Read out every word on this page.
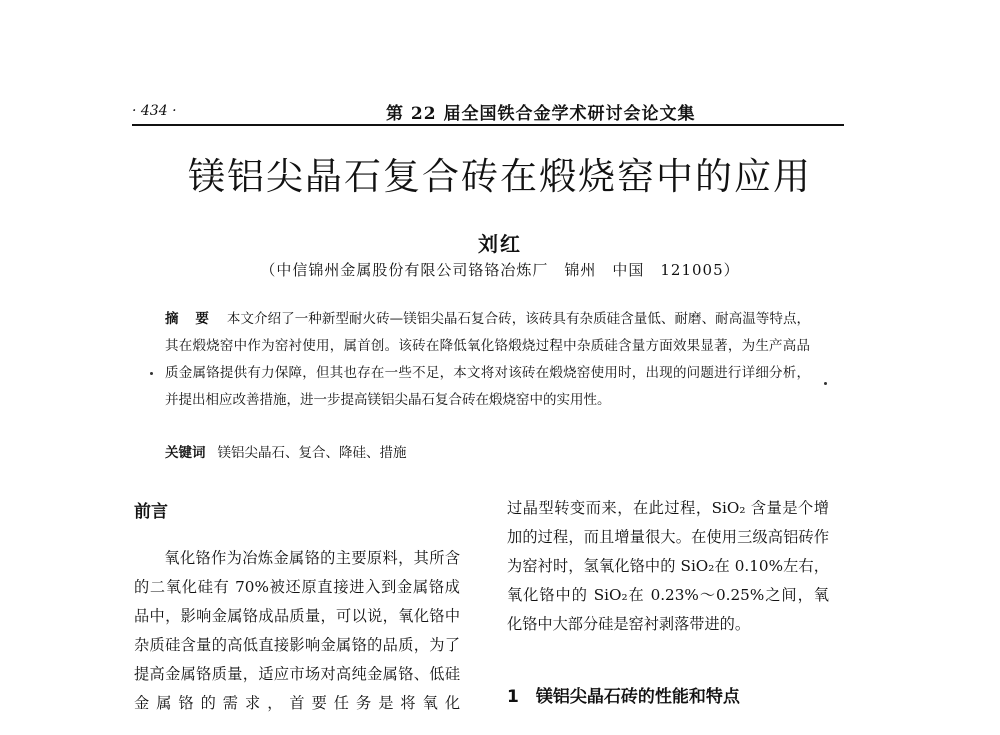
· 434 ·	第 22 届全国铁合金学术研讨会论文集
镁铝尖晶石复合砖在煅烧窑中的应用
刘红
（中信锦州金属股份有限公司铬铬冶炼厂　锦州　中国　121005）
摘 要 本文介绍了一种新型耐火砖—镁铝尖晶石复合砖，该砖具有杂质硅含量低、耐磨、耐高温等特点，其在煅烧窑中作为窑衬使用，属首创。该砖在降低氧化铬煅烧过程中杂质硅含量方面效果显著，为生产高品质金属铬提供有力保障，但其也存在一些不足，本文将对该砖在煅烧窑使用时，出现的问题进行详细分析，并提出相应改善措施，进一步提高镁铝尖晶石复合砖在煅烧窑中的实用性。
关键词 镁铝尖晶石、复合、降硅、措施
前言

氧化铬作为冶炼金属铬的主要原料，其所含的二氧化硅有 70%被还原直接进入到金属铬成品中，影响金属铬成品质量，可以说，氧化铬中杂质硅含量的高低直接影响金属铬的品质，为了提高金属铬质量，适应市场对高纯金属铬、低硅金属铬的需求，首要任务是将氧化

过晶型转变而来，在此过程，SiO₂ 含量是个增加的过程，而且增量很大。在使用三级高铝砖作为窑衬时，氢氧化铬中的 SiO₂在 0.10%左右，氧化铬中的 SiO₂在 0.23%～0.25%之间，氧化铬中大部分硅是窑衬剥落带进的。

1　镁铝尖晶石砖的性能和特点
